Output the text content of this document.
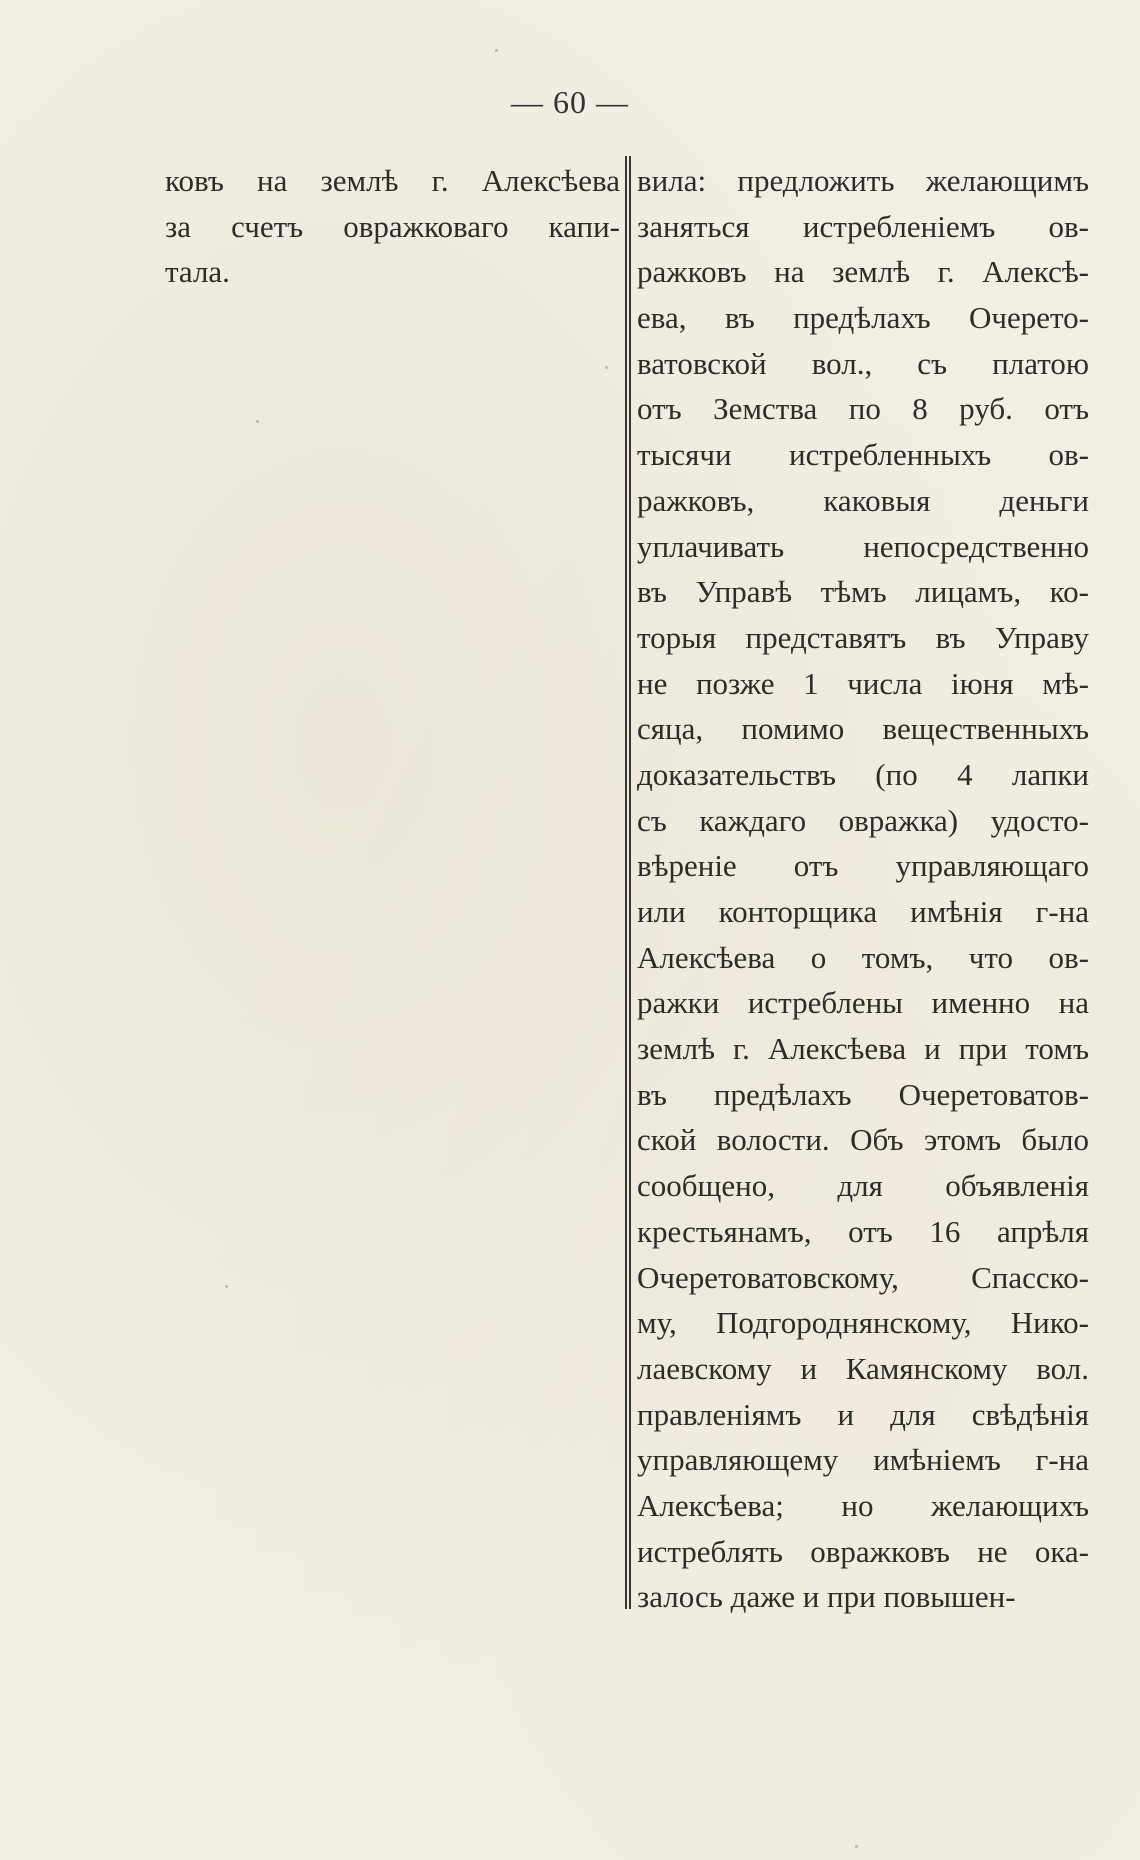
— 60 —
ковъ на землѣ г. Алексѣева
за счетъ овражковаго капи-
тала.
вила: предложить желающимъ
заняться истребленіемъ ов-
ражковъ на землѣ г. Алексѣ-
ева, въ предѣлахъ Очерето-
ватовской вол., съ платою
отъ Земства по 8 руб. отъ
тысячи истребленныхъ ов-
ражковъ, каковыя деньги
уплачивать непосредственно
въ Управѣ тѣмъ лицамъ, ко-
торыя представятъ въ Управу
не позже 1 числа іюня мѣ-
сяца, помимо вещественныхъ
доказательствъ (по 4 лапки
съ каждаго овражка) удосто-
вѣреніе отъ управляющаго
или конторщика имѣнія г-на
Алексѣева о томъ, что ов-
ражки истреблены именно на
землѣ г. Алексѣева и при томъ
въ предѣлахъ Очеретоватов-
ской волости. Объ этомъ было
сообщено, для объявленія
крестьянамъ, отъ 16 апрѣля
Очеретоватовскому, Спасско-
му, Подгороднянскому, Нико-
лаевскому и Камянскому вол.
правленіямъ и для свѣдѣнія
управляющему имѣніемъ г-на
Алексѣева; но желающихъ
истреблять овражковъ не ока-
залось даже и при повышен-
